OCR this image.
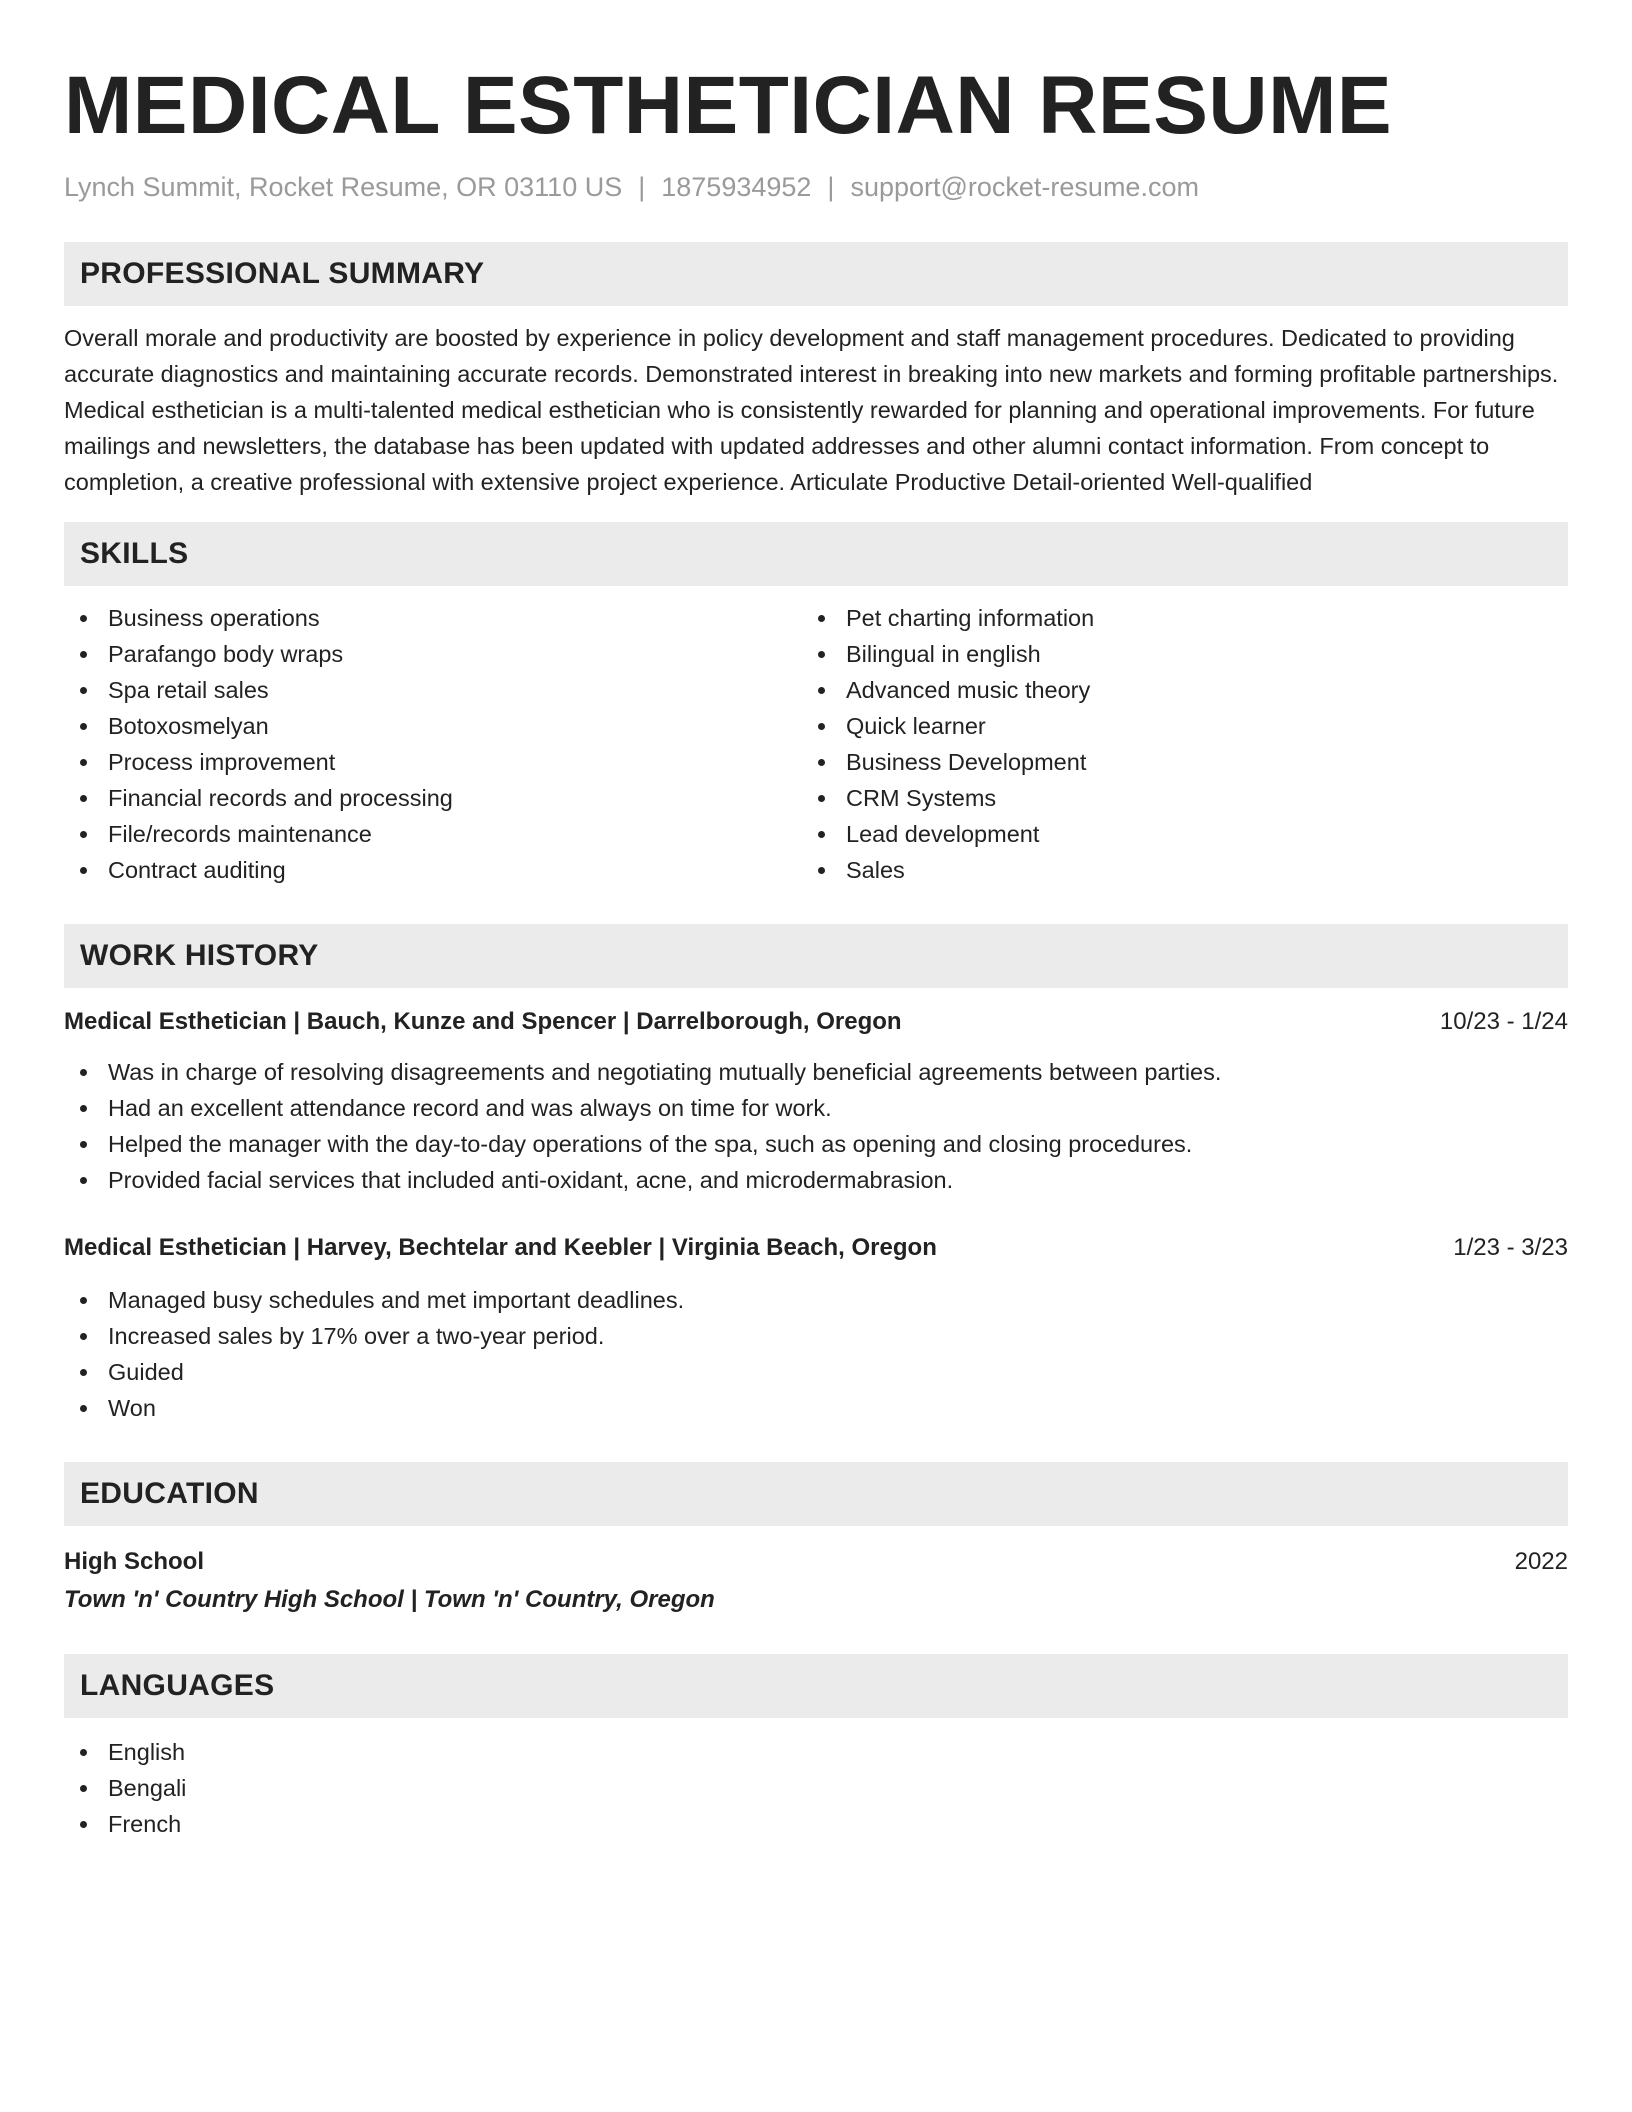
MEDICAL ESTHETICIAN RESUME
Lynch Summit, Rocket Resume, OR 03110 US | 1875934952 | support@rocket-resume.com
PROFESSIONAL SUMMARY
Overall morale and productivity are boosted by experience in policy development and staff management procedures. Dedicated to providing accurate diagnostics and maintaining accurate records. Demonstrated interest in breaking into new markets and forming profitable partnerships. Medical esthetician is a multi-talented medical esthetician who is consistently rewarded for planning and operational improvements. For future mailings and newsletters, the database has been updated with updated addresses and other alumni contact information. From concept to completion, a creative professional with extensive project experience. Articulate Productive Detail-oriented Well-qualified
SKILLS
Business operations
Parafango body wraps
Spa retail sales
Botoxosmelyan
Process improvement
Financial records and processing
File/records maintenance
Contract auditing
Pet charting information
Bilingual in english
Advanced music theory
Quick learner
Business Development
CRM Systems
Lead development
Sales
WORK HISTORY
Medical Esthetician | Bauch, Kunze and Spencer | Darrelborough, Oregon	10/23 - 1/24
Was in charge of resolving disagreements and negotiating mutually beneficial agreements between parties.
Had an excellent attendance record and was always on time for work.
Helped the manager with the day-to-day operations of the spa, such as opening and closing procedures.
Provided facial services that included anti-oxidant, acne, and microdermabrasion.
Medical Esthetician | Harvey, Bechtelar and Keebler | Virginia Beach, Oregon	1/23 - 3/23
Managed busy schedules and met important deadlines.
Increased sales by 17% over a two-year period.
Guided
Won
EDUCATION
High School	2022
Town 'n' Country High School | Town 'n' Country, Oregon
LANGUAGES
English
Bengali
French
